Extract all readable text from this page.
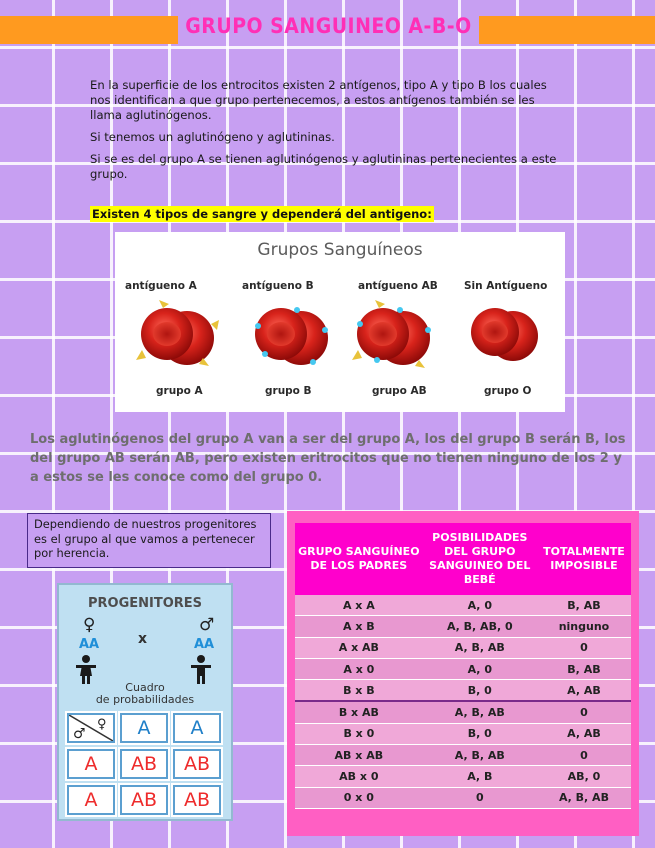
GRUPO SANGUINEO A-B-O

En la superficie de los entrocitos existen 2 antígenos, tipo A y tipo B los cuales nos identifican a que grupo pertenecemos, a estos antígenos también se les llama aglutinógenos.

Si tenemos un aglutinógeno y aglutininas.

Si se es del grupo A se tienen aglutinógenos y aglutininas pertenecientes a este grupo.

Existen 4 tipos de sangre y dependerá del antigeno:
Grupos Sanguíneos
antígueno A	antígueno B	antígueno AB Sin Antígueno
grupo A	grupo B	grupo AB	grupo O
Los aglutinógenos del grupo A van a ser del grupo A, los del grupo B serán B, los del grupo AB serán AB, pero existen eritrocitos que no tienen ninguno de los 2 y a estos se les conoce como del grupo 0.
Dependiendo de nuestros progenitores es el grupo al que vamos a pertenecer por herencia.
PROGENITORES
♀	♂
AA	x	AA
Cuadro
de probabilidades
♂
♀	A	A
A	AB	AB
A	AB	AB
GRUPO SANGUÍNEO DE LOS PADRES	POSIBILIDADES DEL GRUPO SANGUINEO DEL BEBÉ	TOTALMENTE IMPOSIBLE
A x A	A, 0	B, AB
A x B	A, B, AB, 0	ninguno
A x AB	A, B, AB	0
A x 0	A, 0	B, AB
B x B	B, 0	A, AB
B x AB	A, B, AB	0
B x 0	B, 0	A, AB
AB x AB	A, B, AB	0
AB x 0	A, B	AB, 0
0 x 0	0	A, B, AB
